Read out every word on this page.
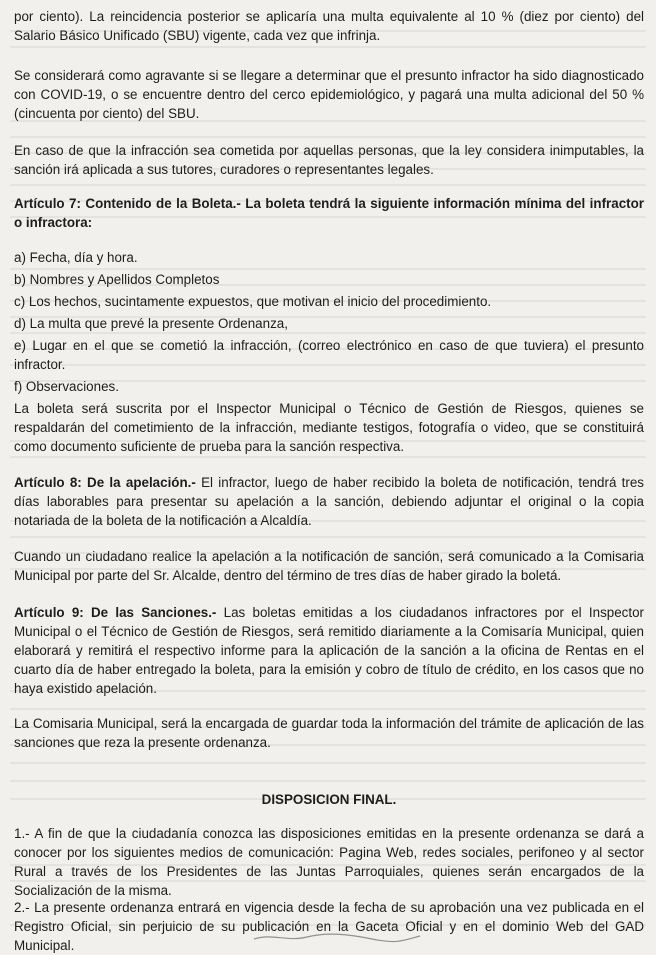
por ciento). La reincidencia posterior se aplicaría una multa equivalente al 10 % (diez por ciento) del Salario Básico Unificado (SBU) vigente, cada vez que infrinja.

Se considerará como agravante si se llegare a determinar que el presunto infractor ha sido diagnosticado con COVID-19, o se encuentre dentro del cerco epidemiológico, y pagará una multa adicional del 50 % (cincuenta por ciento) del SBU.

En caso de que la infracción sea cometida por aquellas personas, que la ley considera inimputables, la sanción irá aplicada a sus tutores, curadores o representantes legales.

Artículo 7: Contenido de la Boleta.- La boleta tendrá la siguiente información mínima del infractor o infractora:

a) Fecha, día y hora.
b) Nombres y Apellidos Completos
c) Los hechos, sucintamente expuestos, que motivan el inicio del procedimiento.
d) La multa que prevé la presente Ordenanza,
e) Lugar en el que se cometió la infracción, (correo electrónico en caso de que tuviera) el presunto infractor.
f) Observaciones.

La boleta será suscrita por el Inspector Municipal o Técnico de Gestión de Riesgos, quienes se respaldarán del cometimiento de la infracción, mediante testigos, fotografía o video, que se constituirá como documento suficiente de prueba para la sanción respectiva.

Artículo 8: De la apelación.- El infractor, luego de haber recibido la boleta de notificación, tendrá tres días laborables para presentar su apelación a la sanción, debiendo adjuntar el original o la copia notariada de la boleta de la notificación a Alcaldía.

Cuando un ciudadano realice la apelación a la notificación de sanción, será comunicado a la Comisaria Municipal por parte del Sr. Alcalde, dentro del término de tres días de haber girado la boletá.

Artículo 9: De las Sanciones.- Las boletas emitidas a los ciudadanos infractores por el Inspector Municipal o el Técnico de Gestión de Riesgos, será remitido diariamente a la Comisaría Municipal, quien elaborará y remitirá el respectivo informe para la aplicación de la sanción a la oficina de Rentas en el cuarto día de haber entregado la boleta, para la emisión y cobro de título de crédito, en los casos que no haya existido apelación.

La Comisaria Municipal, será la encargada de guardar toda la información del trámite de aplicación de las sanciones que reza la presente ordenanza.

DISPOSICION FINAL.

1.- A fin de que la ciudadanía conozca las disposiciones emitidas en la presente ordenanza se dará a conocer por los siguientes medios de comunicación: Pagina Web, redes sociales, perifoneo y al sector Rural a través de los Presidentes de las Juntas Parroquiales, quienes serán encargados de la Socialización de la misma.

2.- La presente ordenanza entrará en vigencia desde la fecha de su aprobación una vez publicada en el Registro Oficial, sin perjuicio de su publicación en la Gaceta Oficial y en el dominio Web del GAD Municipal.
